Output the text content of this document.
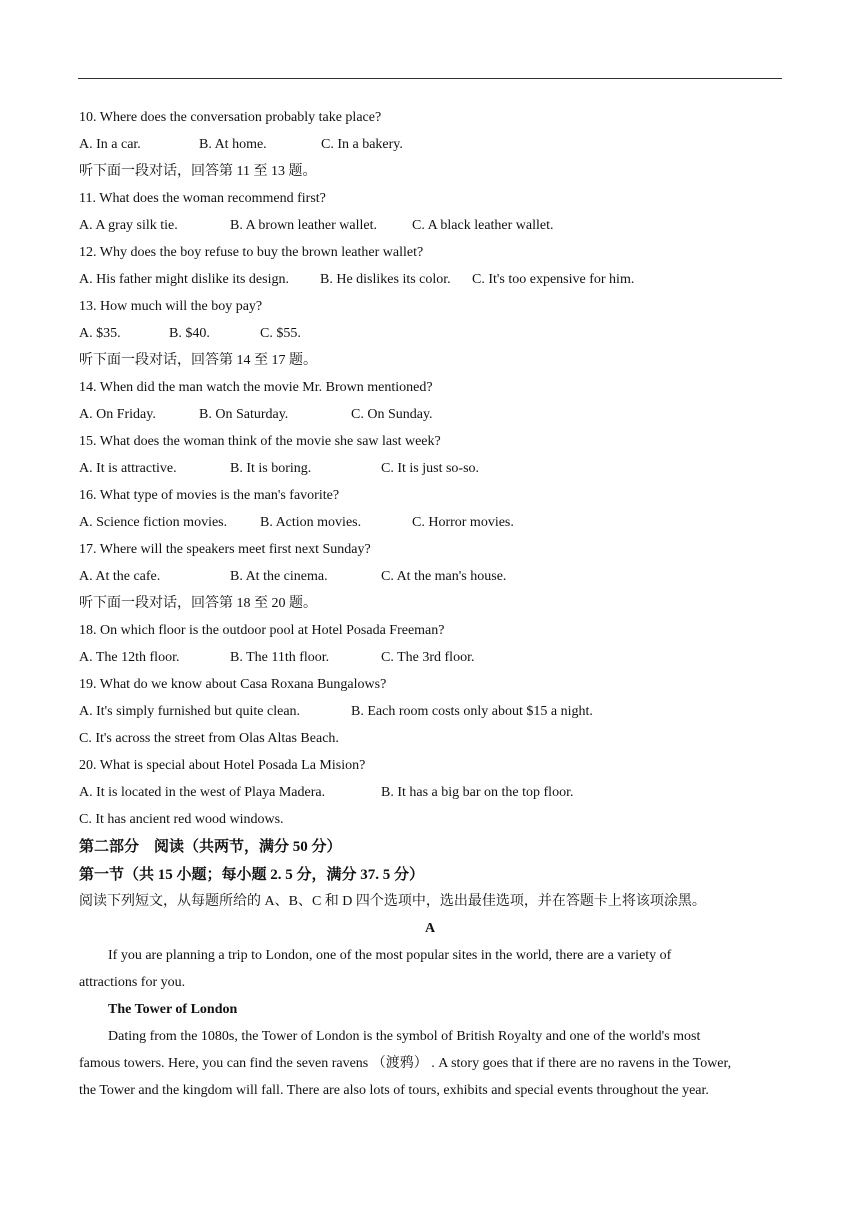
10. Where does the conversation probably take place?
A. In a car.	B. At home.	C. In a bakery.
听下面一段对话，回答第 11 至 13 题。
11. What does the woman recommend first?
A. A gray silk tie.	B. A brown leather wallet.	C. A black leather wallet.
12. Why does the boy refuse to buy the brown leather wallet?
A. His father might dislike its design. B. He dislikes its color. C. It's too expensive for him.
13. How much will the boy pay?
A. $35.	B. $40.	C. $55.
听下面一段对话，回答第 14 至 17 题。
14. When did the man watch the movie Mr. Brown mentioned?
A. On Friday.	B. On Saturday.	C. On Sunday.
15. What does the woman think of the movie she saw last week?
A. It is attractive.	B. It is boring.	C. It is just so-so.
16. What type of movies is the man's favorite?
A. Science fiction movies. B. Action movies.	C. Horror movies.
17. Where will the speakers meet first next Sunday?
A. At the cafe.	B. At the cinema.	C. At the man's house.
听下面一段对话，回答第 18 至 20 题。
18. On which floor is the outdoor pool at Hotel Posada Freeman?
A. The 12th floor.	B. The 11th floor.	C. The 3rd floor.
19. What do we know about Casa Roxana Bungalows?
A. It's simply furnished but quite clean.	B. Each room costs only about $15 a night.
C. It's across the street from Olas Altas Beach.
20. What is special about Hotel Posada La Mision?
A. It is located in the west of Playa Madera.	B. It has a big bar on the top floor.
C. It has ancient red wood windows.
第二部分　阅读（共两节，满分 50 分）
第一节（共 15 小题；每小题 2. 5 分，满分 37. 5 分）
阅读下列短文，从每题所给的 A、B、C 和 D 四个选项中，选出最佳选项，并在答题卡上将该项涂黑。
A
If you are planning a trip to London, one of the most popular sites in the world, there are a variety of
attractions for you.
The Tower of London
Dating from the 1080s, the Tower of London is the symbol of British Royalty and one of the world's most
famous towers. Here, you can find the seven ravens （渡鸦） . A story goes that if there are no ravens in the Tower,
the Tower and the kingdom will fall. There are also lots of tours, exhibits and special events throughout the year.
